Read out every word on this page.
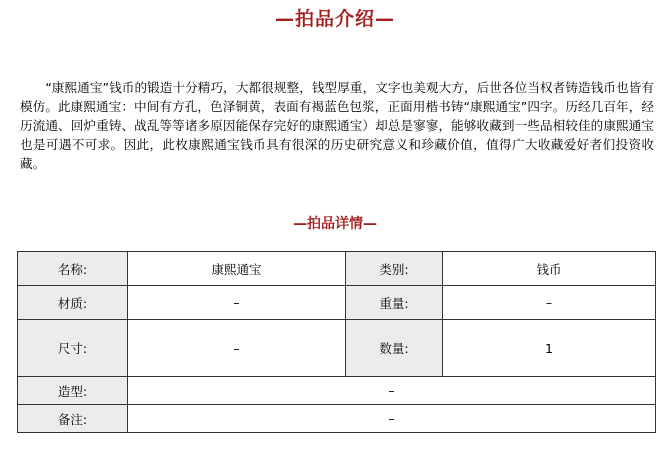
—拍品介绍—

“康熙通宝”钱币的锻造十分精巧，大都很规整，钱型厚重，文字也美观大方，后世各位当权者铸造钱币也皆有模仿。此康熙通宝：中间有方孔，色泽铜黄，表面有褐蓝色包浆，正面用楷书铸“康熙通宝”四字。历经几百年，经历流通、回炉重铸、战乱等等诸多原因能保存完好的康熙通宝）却总是寥寥，能够收藏到一些品相较佳的康熙通宝也是可遇不可求。因此，此枚康熙通宝钱币具有很深的历史研究意义和珍藏价值，值得广大收藏爱好者们投资收藏。

—拍品详情—
名称:	康熙通宝	类别:	钱币
材质:	–	重量:	–
尺寸:	–	数量:	1
造型:	–		
备注:	–		
